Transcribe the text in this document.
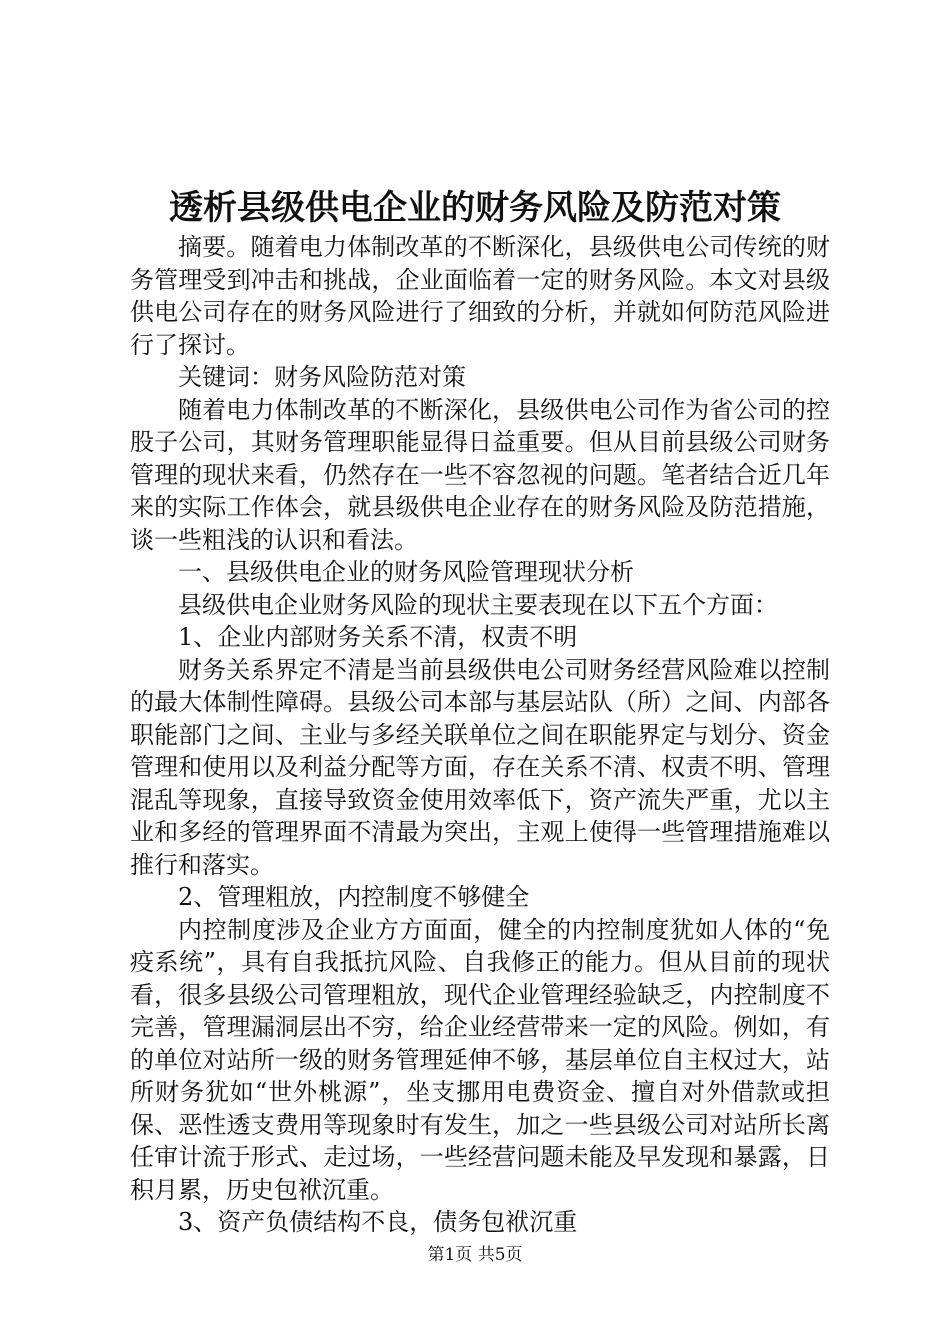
透析县级供电企业的财务风险及防范对策

摘要。随着电力体制改革的不断深化，县级供电公司传统的财务管理受到冲击和挑战，企业面临着一定的财务风险。本文对县级供电公司存在的财务风险进行了细致的分析，并就如何防范风险进行了探讨。

关键词：财务风险防范对策

随着电力体制改革的不断深化，县级供电公司作为省公司的控股子公司，其财务管理职能显得日益重要。但从目前县级公司财务管理的现状来看，仍然存在一些不容忽视的问题。笔者结合近几年来的实际工作体会，就县级供电企业存在的财务风险及防范措施，谈一些粗浅的认识和看法。

一、县级供电企业的财务风险管理现状分析

县级供电企业财务风险的现状主要表现在以下五个方面：

1、企业内部财务关系不清，权责不明

财务关系界定不清是当前县级供电公司财务经营风险难以控制的最大体制性障碍。县级公司本部与基层站队（所）之间、内部各职能部门之间、主业与多经关联单位之间在职能界定与划分、资金管理和使用以及利益分配等方面，存在关系不清、权责不明、管理混乱等现象，直接导致资金使用效率低下，资产流失严重，尤以主业和多经的管理界面不清最为突出，主观上使得一些管理措施难以推行和落实。

2、管理粗放，内控制度不够健全

内控制度涉及企业方方面面，健全的内控制度犹如人体的“免疫系统”，具有自我抵抗风险、自我修正的能力。但从目前的现状看，很多县级公司管理粗放，现代企业管理经验缺乏，内控制度不完善，管理漏洞层出不穷，给企业经营带来一定的风险。例如，有的单位对站所一级的财务管理延伸不够，基层单位自主权过大，站所财务犹如“世外桃源”，坐支挪用电费资金、擅自对外借款或担保、恶性透支费用等现象时有发生，加之一些县级公司对站所长离任审计流于形式、走过场，一些经营问题未能及早发现和暴露，日积月累，历史包袱沉重。

3、资产负债结构不良，债务包袱沉重

第1页 共5页
